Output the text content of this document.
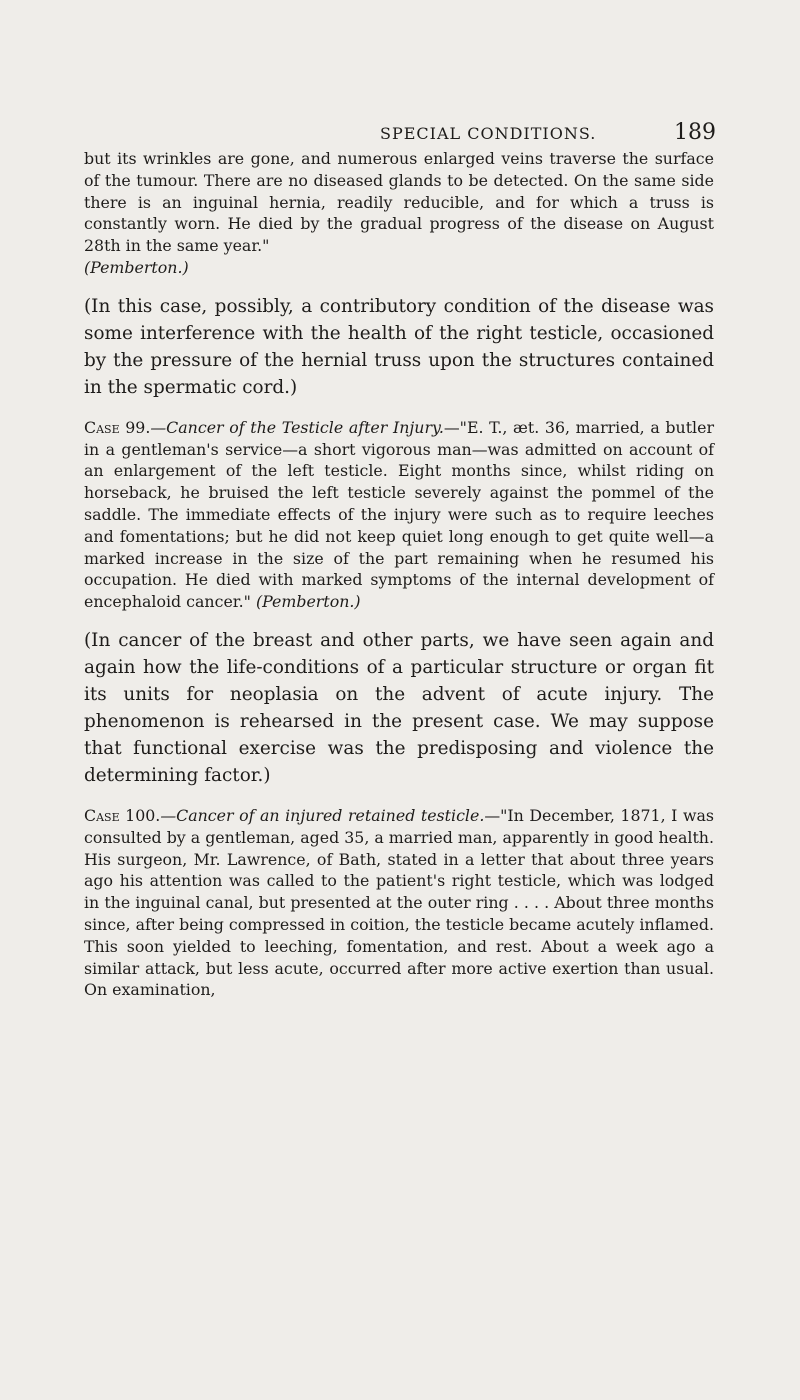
SPECIAL CONDITIONS.	189

but its wrinkles are gone, and numerous enlarged veins traverse the surface of the tumour. There are no diseased glands to be detected. On the same side there is an inguinal hernia, readily reducible, and for which a truss is constantly worn. He died by the gradual progress of the disease on August 28th in the same year."
(Pemberton.)

(In this case, possibly, a contributory condition of the disease was some interference with the health of the right testicle, occasioned by the pressure of the hernial truss upon the structures contained in the spermatic cord.)

Case 99.—Cancer of the Testicle after Injury.—"E. T., æt. 36, married, a butler in a gentleman's service—a short vigorous man—was admitted on account of an enlargement of the left testicle. Eight months since, whilst riding on horseback, he bruised the left testicle severely against the pommel of the saddle. The immediate effects of the injury were such as to require leeches and fomentations; but he did not keep quiet long enough to get quite well—a marked increase in the size of the part remaining when he resumed his occupation. He died with marked symptoms of the internal development of encephaloid cancer." (Pemberton.)

(In cancer of the breast and other parts, we have seen again and again how the life-conditions of a particular structure or organ fit its units for neoplasia on the advent of acute injury. The phenomenon is rehearsed in the present case. We may suppose that functional exercise was the predisposing and violence the determining factor.)

Case 100.—Cancer of an injured retained testicle.—"In December, 1871, I was consulted by a gentleman, aged 35, a married man, apparently in good health. His surgeon, Mr. Lawrence, of Bath, stated in a letter that about three years ago his attention was called to the patient's right testicle, which was lodged in the inguinal canal, but presented at the outer ring . . . . About three months since, after being compressed in coition, the testicle became acutely inflamed. This soon yielded to leeching, fomentation, and rest. About a week ago a similar attack, but less acute, occurred after more active exertion than usual. On examination,
